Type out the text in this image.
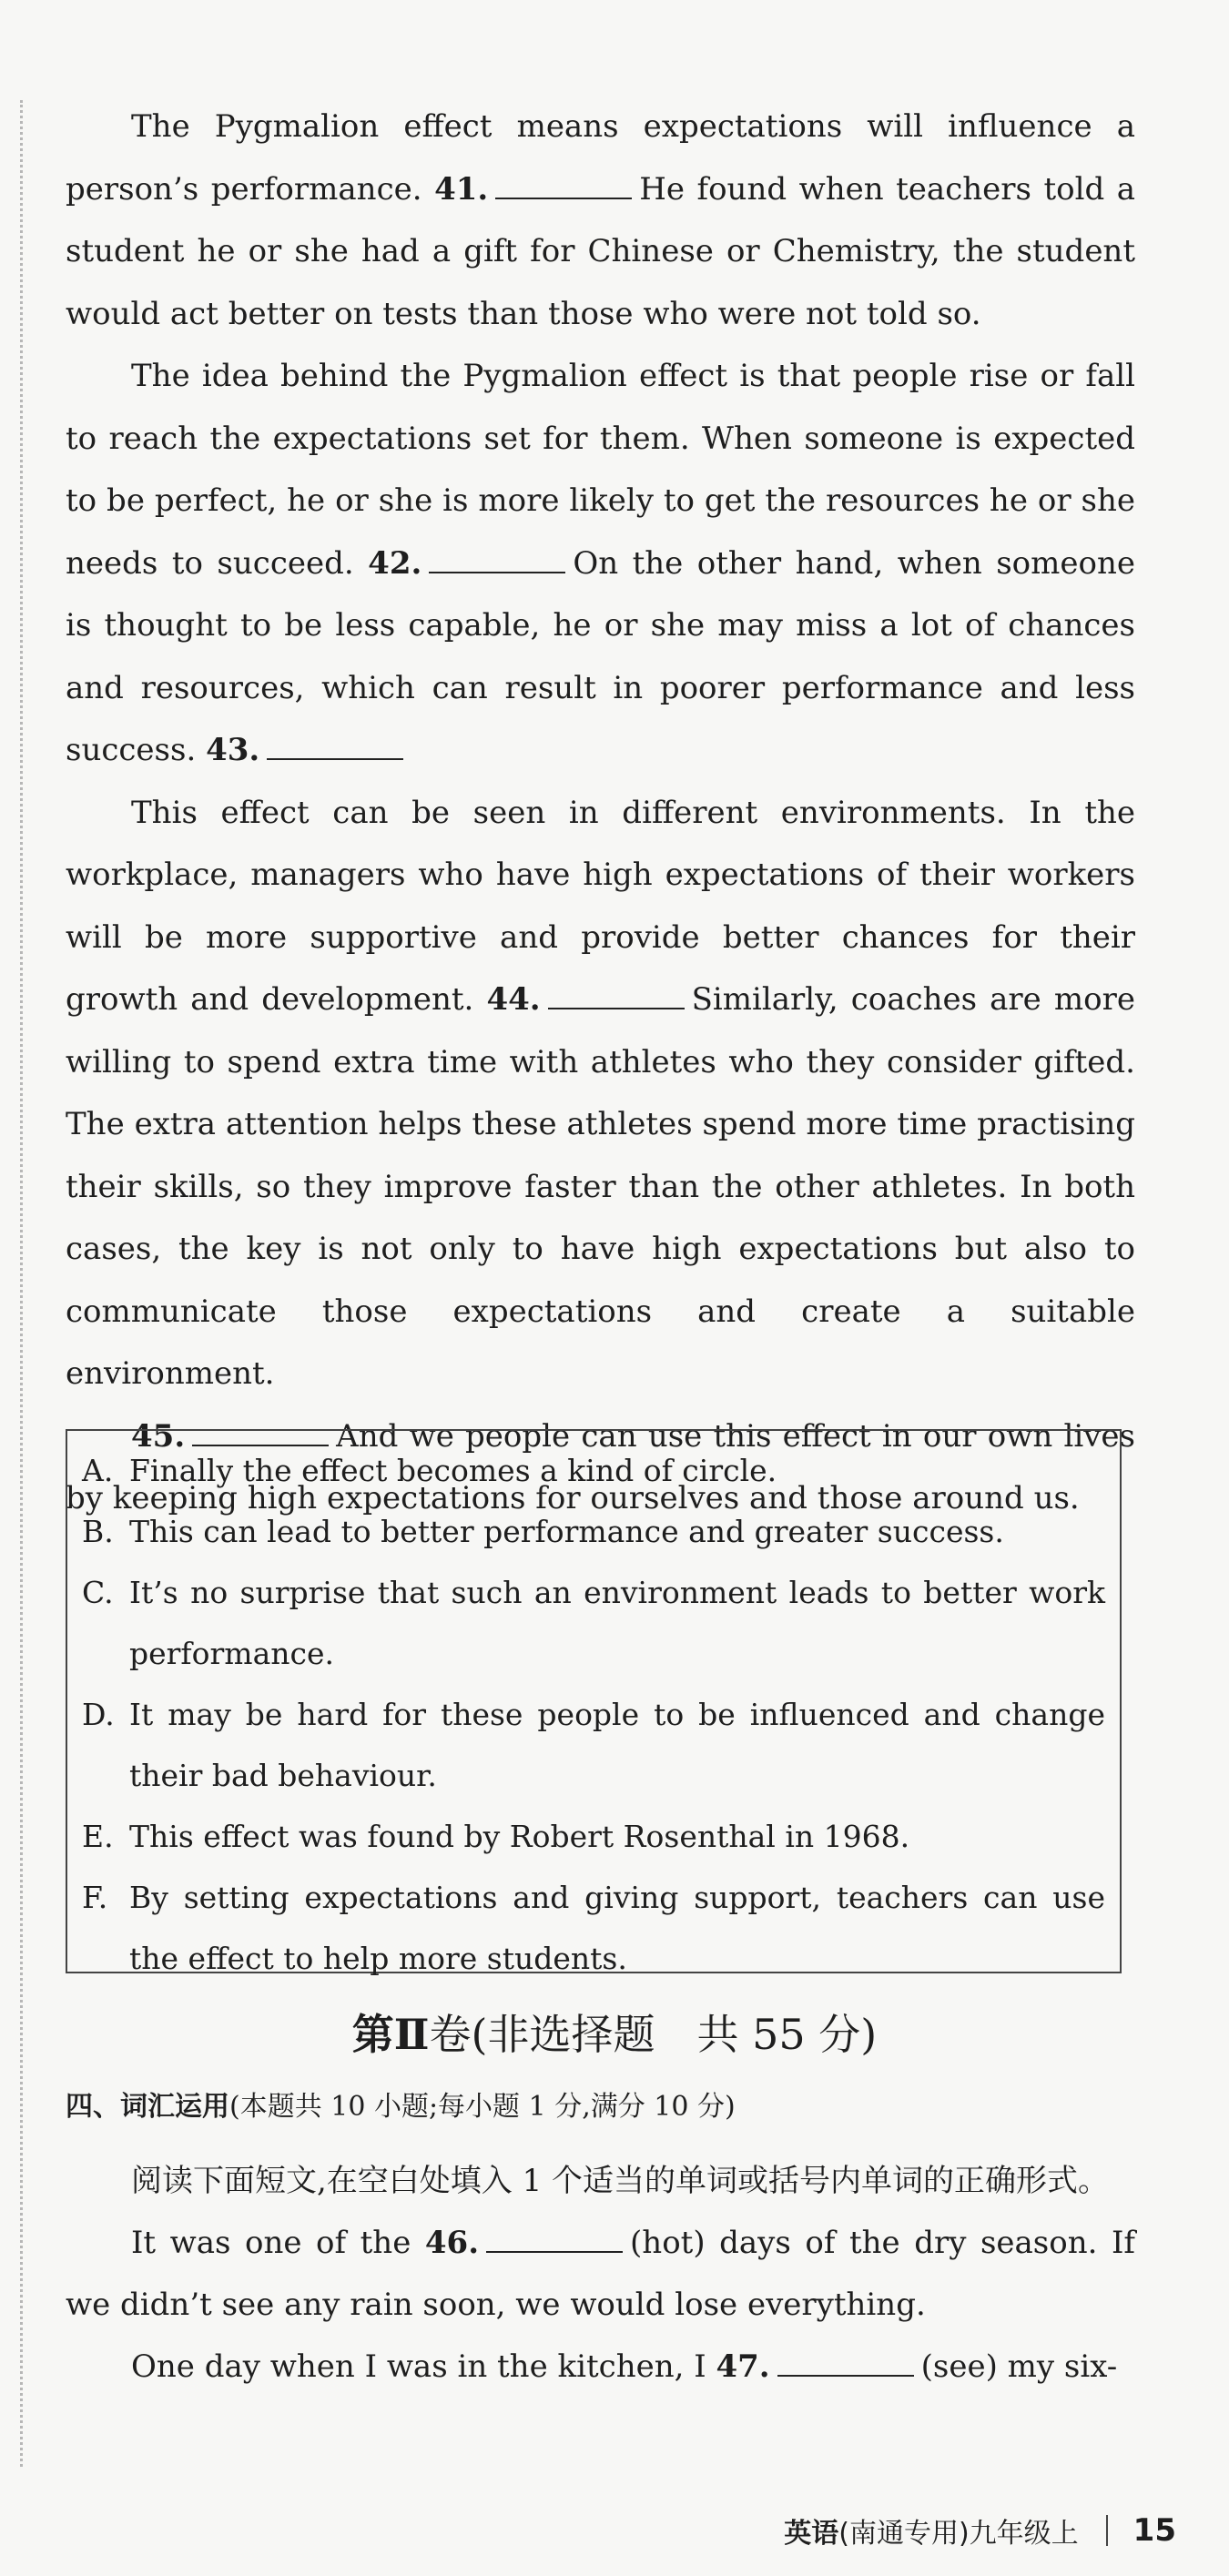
The Pygmalion effect means expectations will influence a person’s performance. 41.	He found when teachers told a student he or she had a gift for Chinese or Chemistry, the student would act better on tests than those who were not told so.

The idea behind the Pygmalion effect is that people rise or fall to reach the expectations set for them. When someone is expected to be perfect, he or she is more likely to get the resources he or she needs to succeed. 42.	On the other hand, when someone is thought to be less capable, he or she may miss a lot of chances and resources, which can result in poorer performance and less success. 43.

This effect can be seen in different environments. In the workplace, managers who have high expectations of their workers will be more supportive and provide better chances for their growth and development. 44.	Similarly, coaches are more willing to spend extra time with athletes who they consider gifted. The extra attention helps these athletes spend more time practising their skills, so they improve faster than the other athletes. In both cases, the key is not only to have high expectations but also to communicate those expectations and create a suitable environment.

45.	And we people can use this effect in our own lives by keeping high expectations for ourselves and those around us.

A. Finally the effect becomes a kind of circle.
B. This can lead to better performance and greater success.
C. It’s no surprise that such an environment leads to better work performance.
D. It may be hard for these people to be influenced and change their bad behaviour.
E. This effect was found by Robert Rosenthal in 1968.
F. By setting expectations and giving support, teachers can use the effect to help more students.
第Ⅱ卷(非选择题　共 55 分)
四、词汇运用(本题共 10 小题;每小题 1 分,满分 10 分)

阅读下面短文,在空白处填入 1 个适当的单词或括号内单词的正确形式。

It was one of the 46.	(hot) days of the dry season. If we didn’t see any rain soon, we would lose everything.

One day when I was in the kitchen, I 47.	(see) my six-

英语(南通专用)九年级上 15
